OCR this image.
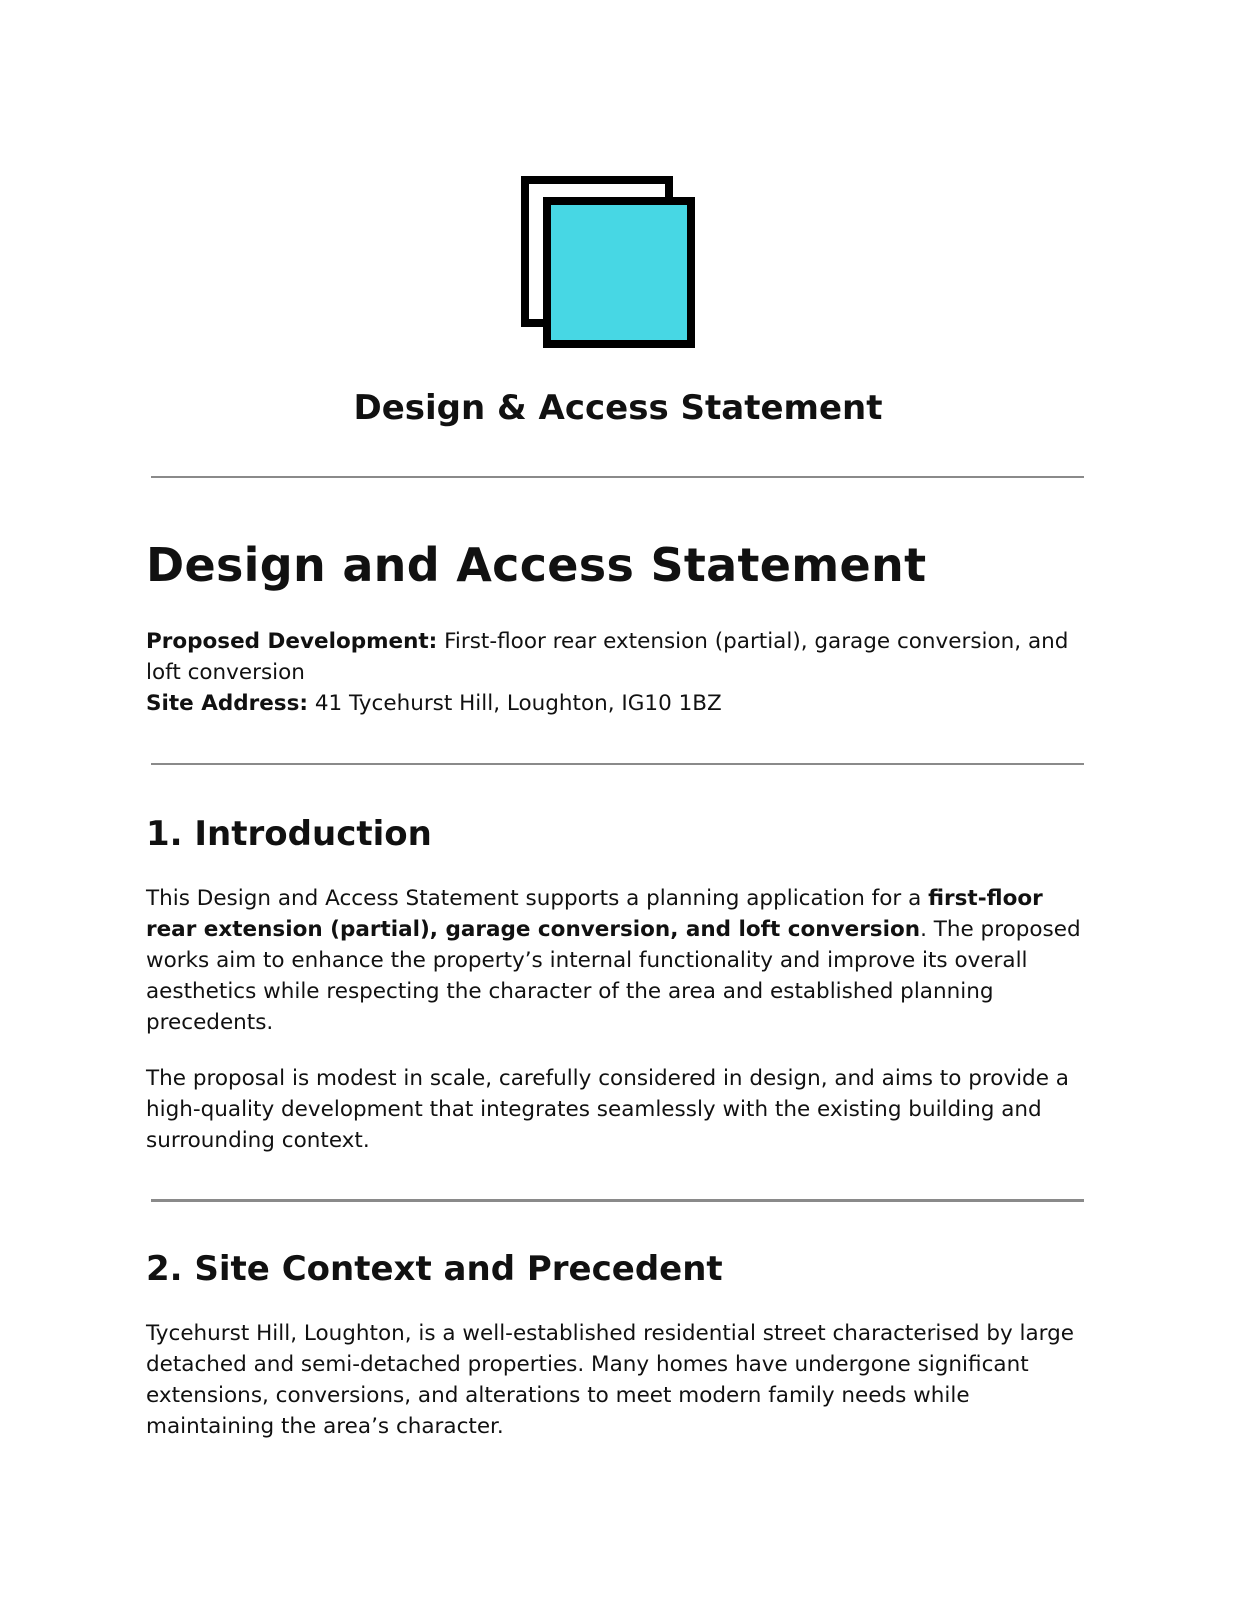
Design & Access Statement
Design and Access Statement

Proposed Development: First-floor rear extension (partial), garage conversion, and loft conversion
Site Address: 41 Tycehurst Hill, Loughton, IG10 1BZ

1. Introduction

This Design and Access Statement supports a planning application for a first-floor rear extension (partial), garage conversion, and loft conversion. The proposed works aim to enhance the property’s internal functionality and improve its overall aesthetics while respecting the character of the area and established planning precedents.

The proposal is modest in scale, carefully considered in design, and aims to provide a high-quality development that integrates seamlessly with the existing building and surrounding context.

2. Site Context and Precedent

Tycehurst Hill, Loughton, is a well-established residential street characterised by large detached and semi-detached properties. Many homes have undergone significant extensions, conversions, and alterations to meet modern family needs while maintaining the area’s character.
